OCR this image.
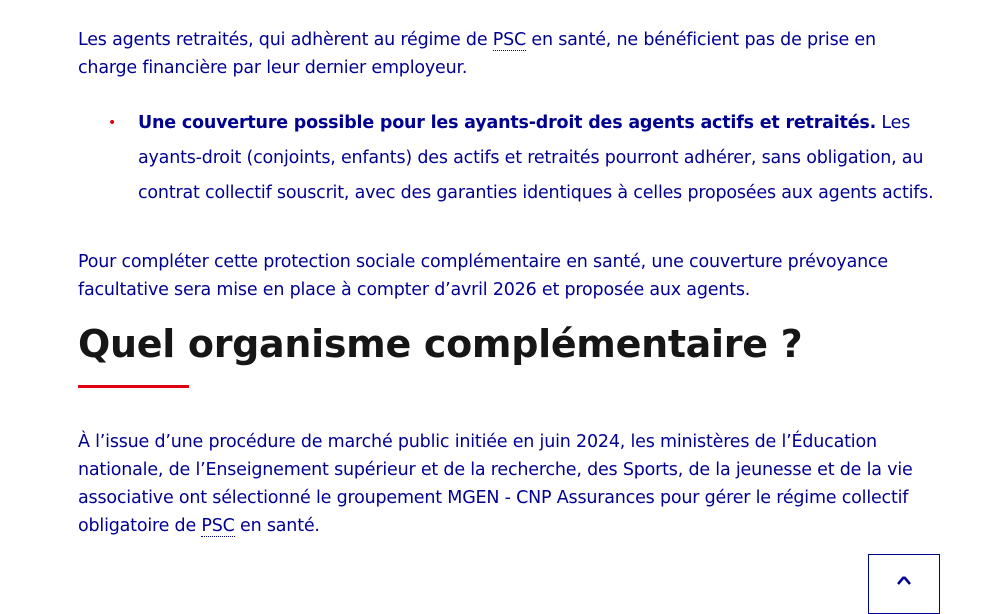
Les agents retraités, qui adhèrent au régime de PSC en santé, ne bénéficient pas de prise en charge financière par leur dernier employeur.

• Une couverture possible pour les ayants-droit des agents actifs et retraités. Les ayants-droit (conjoints, enfants) des actifs et retraités pourront adhérer, sans obligation, au contrat collectif souscrit, avec des garanties identiques à celles proposées aux agents actifs.

Pour compléter cette protection sociale complémentaire en santé, une couverture prévoyance facultative sera mise en place à compter d’avril 2026 et proposée aux agents.

Quel organisme complémentaire ?

À l’issue d’une procédure de marché public initiée en juin 2024, les ministères de l’Éducation nationale, de l’Enseignement supérieur et de la recherche, des Sports, de la jeunesse et de la vie associative ont sélectionné le groupement MGEN - CNP Assurances pour gérer le régime collectif obligatoire de PSC en santé.
